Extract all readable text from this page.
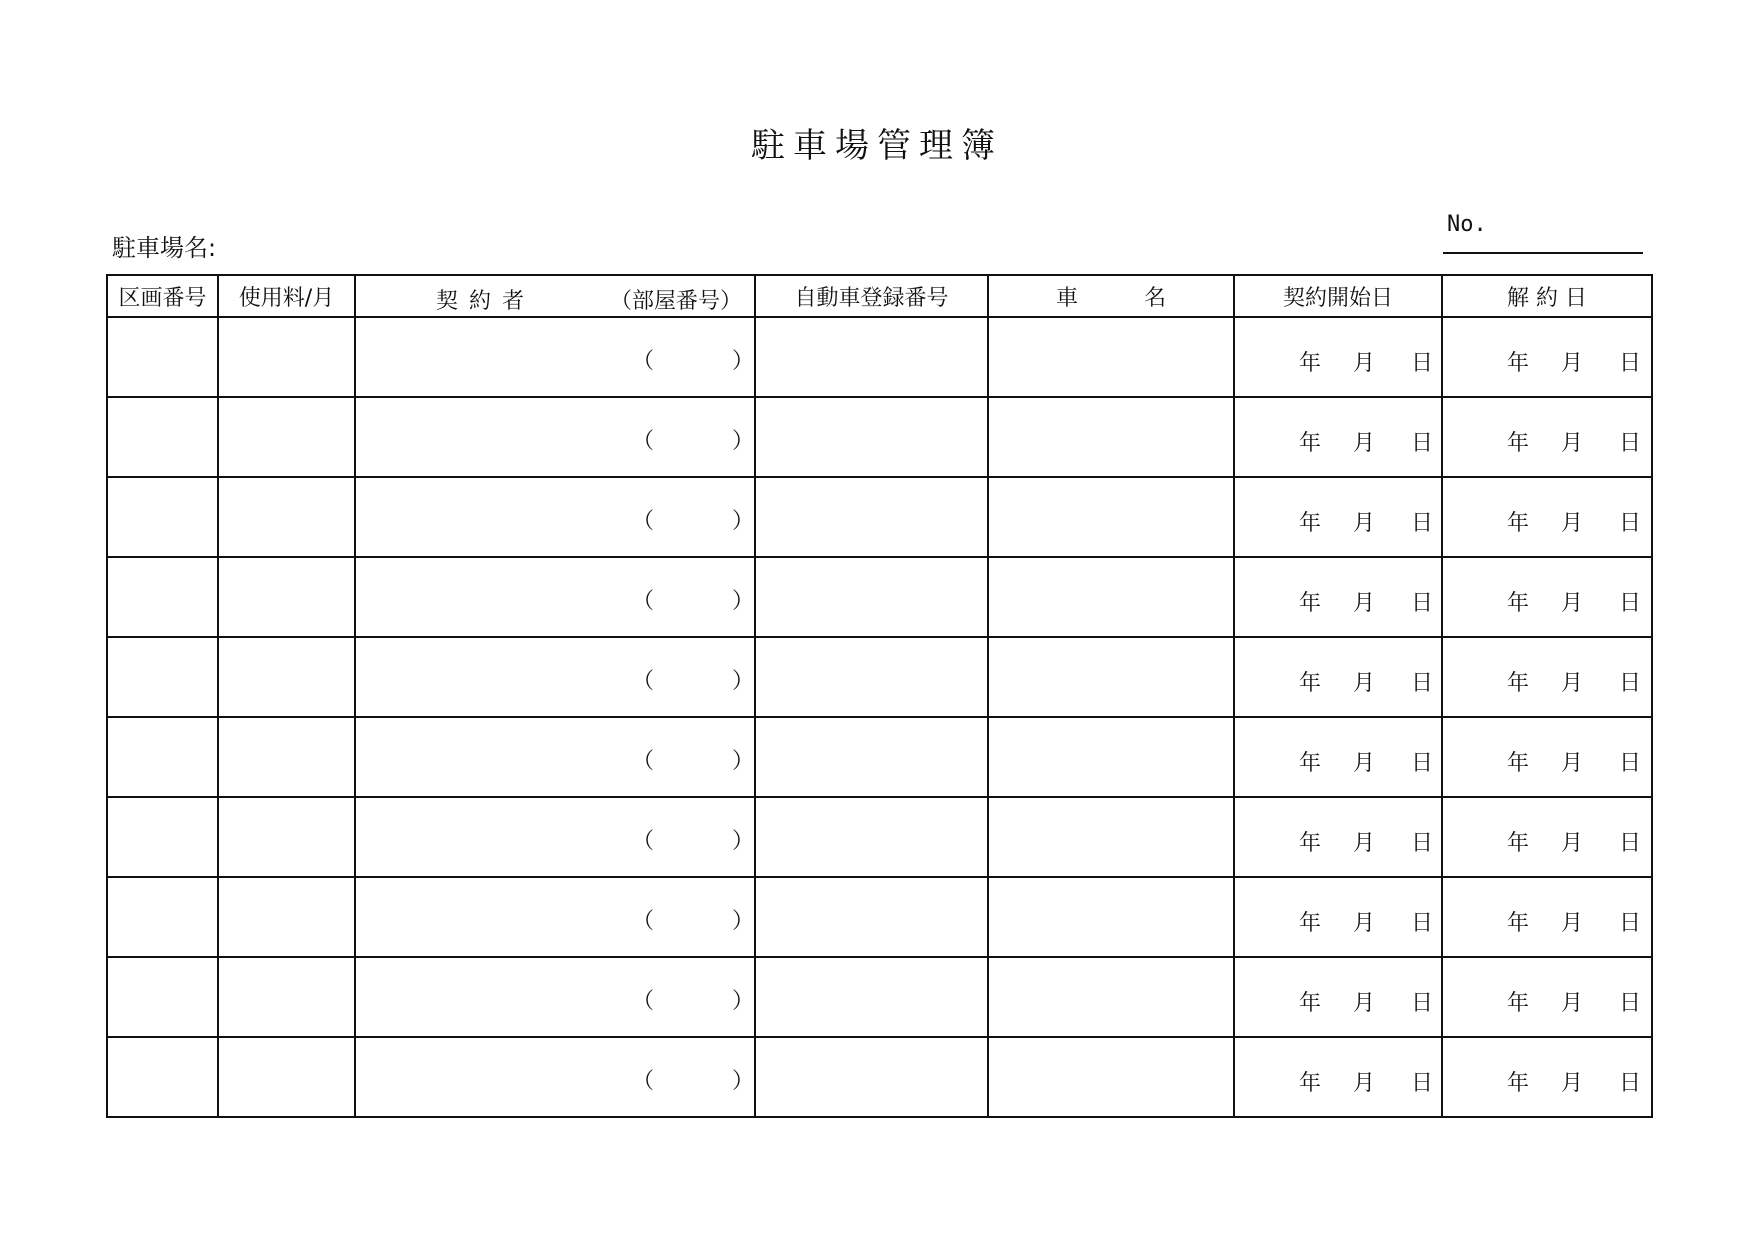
駐車場管理簿
駐車場名:
No.
区画番号	使用料/月	契 約 者 （部屋番号）	自動車登録番号	車　　　名	契約開始日	解 約 日

		（ ）			年 月 日	年 月 日

		（ ）			年 月 日	年 月 日

		（ ）			年 月 日	年 月 日

		（ ）			年 月 日	年 月 日

		（ ）			年 月 日	年 月 日

		（ ）			年 月 日	年 月 日

		（ ）			年 月 日	年 月 日

		（ ）			年 月 日	年 月 日

		（ ）			年 月 日	年 月 日

		（ ）			年 月 日	年 月 日
